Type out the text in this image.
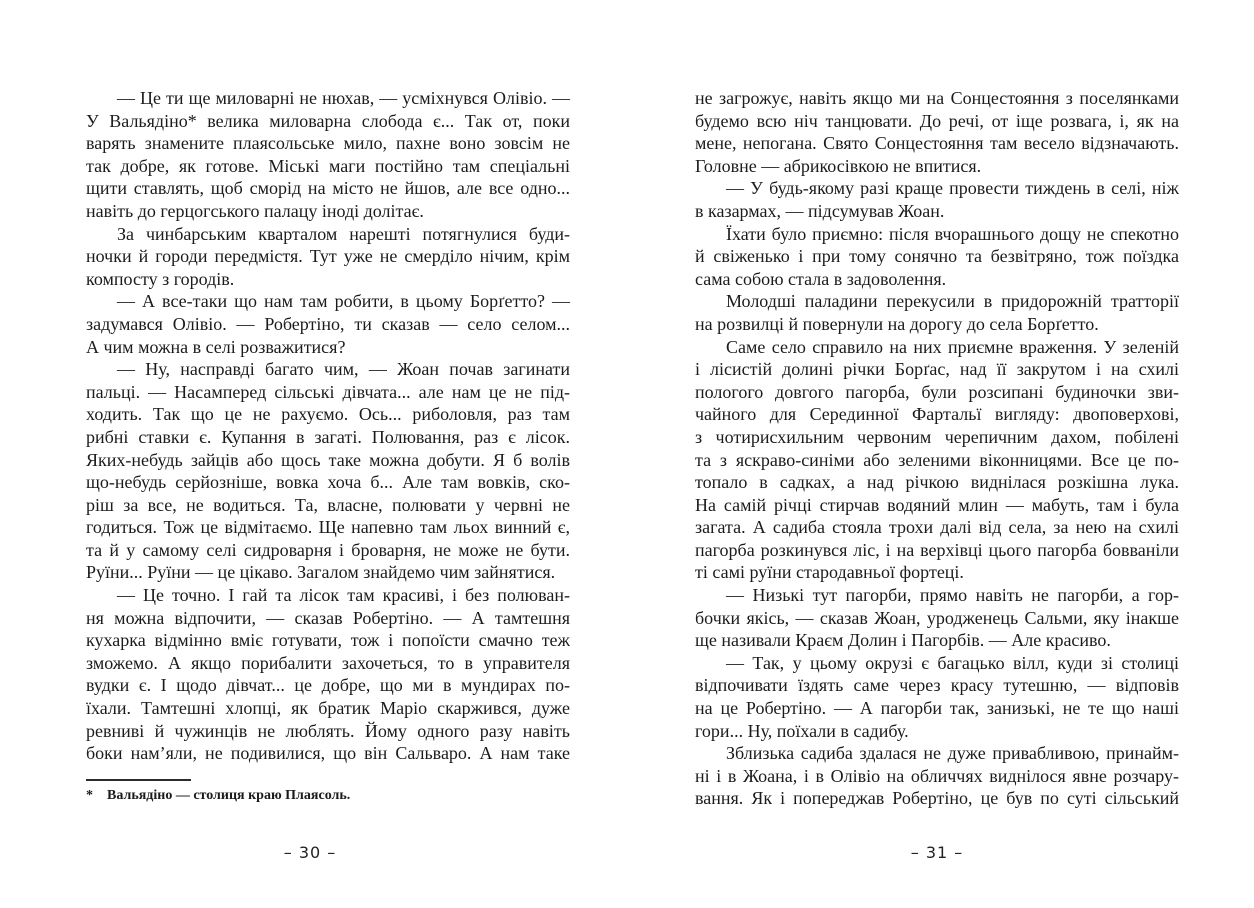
— Це ти ще миловарні не нюхав, — усміхнувся Олівіо. —
У Вальядіно* велика миловарна слобода є... Так от, поки
варять знамените плаясольське мило, пахне воно зовсім не
так добре, як готове. Міські маги постійно там спеціальні
щити ставлять, щоб сморід на місто не йшов, але все одно...
навіть до герцогського палацу іноді долітає.
За чинбарським кварталом нарешті потягнулися буди-
ночки й городи передмістя. Тут уже не смерділо нічим, крім
компосту з городів.
— А все-таки що нам там робити, в цьому Борґетто? —
задумався Олівіо. — Робертіно, ти сказав — село селом...
А чим можна в селі розважитися?
— Ну, насправді багато чим, — Жоан почав загинати
пальці. — Насамперед сільські дівчата... але нам це не під-
ходить. Так що це не рахуємо. Ось... риболовля, раз там
рибні ставки є. Купання в загаті. Полювання, раз є лісок.
Яких-небудь зайців або щось таке можна добути. Я б волів
що-небудь серйозніше, вовка хоча б... Але там вовків, ско-
ріш за все, не водиться. Та, власне, полювати у червні не
годиться. Тож це відмітаємо. Ще напевно там льох винний є,
та й у самому селі сидроварня і броварня, не може не бути.
Руїни... Руїни — це цікаво. Загалом знайдемо чим зайнятися.
— Це точно. І гай та лісок там красиві, і без полюван-
ня можна відпочити, — сказав Робертіно. — А тамтешня
кухарка відмінно вміє готувати, тож і попоїсти смачно теж
зможемо. А якщо порибалити захочеться, то в управителя
вудки є. І щодо дівчат... це добре, що ми в мундирах по-
їхали. Тамтешні хлопці, як братик Маріо скаржився, дуже
ревниві й чужинців не люблять. Йому одного разу навіть
боки нам’яли, не подивилися, що він Сальваро. А нам таке
не загрожує, навіть якщо ми на Сонцестояння з поселянками
будемо всю ніч танцювати. До речі, от іще розвага, і, як на
мене, непогана. Свято Сонцестояння там весело відзначають.
Головне — абрикосівкою не впитися.
— У будь-якому разі краще провести тиждень в селі, ніж
в казармах, — підсумував Жоан.
Їхати було приємно: після вчорашнього дощу не спекотно
й свіженько і при тому сонячно та безвітряно, тож поїздка
сама собою стала в задоволення.
Молодші паладини перекусили в придорожній тратторії
на розвилці й повернули на дорогу до села Борґетто.
Саме село справило на них приємне враження. У зеленій
і лісистій долині річки Борґас, над її закрутом і на схилі
пологого довгого пагорба, були розсипані будиночки зви-
чайного для Серединної Фартальї вигляду: двоповерхові,
з чотирисхильним червоним черепичним дахом, побілені
та з яскраво-синіми або зеленими віконницями. Все це по-
топало в садках, а над річкою виднілася розкішна лука.
На самій річці стирчав водяний млин — мабуть, там і була
загата. А садиба стояла трохи далі від села, за нею на схилі
пагорба розкинувся ліс, і на верхівці цього пагорба бовваніли
ті самі руїни стародавньої фортеці.
— Низькі тут пагорби, прямо навіть не пагорби, а гор-
бочки якісь, — сказав Жоан, уродженець Сальми, яку інакше
ще називали Краєм Долин і Пагорбів. — Але красиво.
— Так, у цьому окрузі є багацько вілл, куди зі столиці
відпочивати їздять саме через красу тутешню, — відповів
на це Робертіно. — А пагорби так, занизькі, не те що наші
гори... Ну, поїхали в садибу.
Зблизька садиба здалася не дуже привабливою, принайм-
ні і в Жоана, і в Олівіо на обличчях виднілося явне розчару-
вання. Як і попереджав Робертіно, це був по суті сільський
* Вальядіно — столиця краю Плаясоль.
– 30 –	– 31 –
